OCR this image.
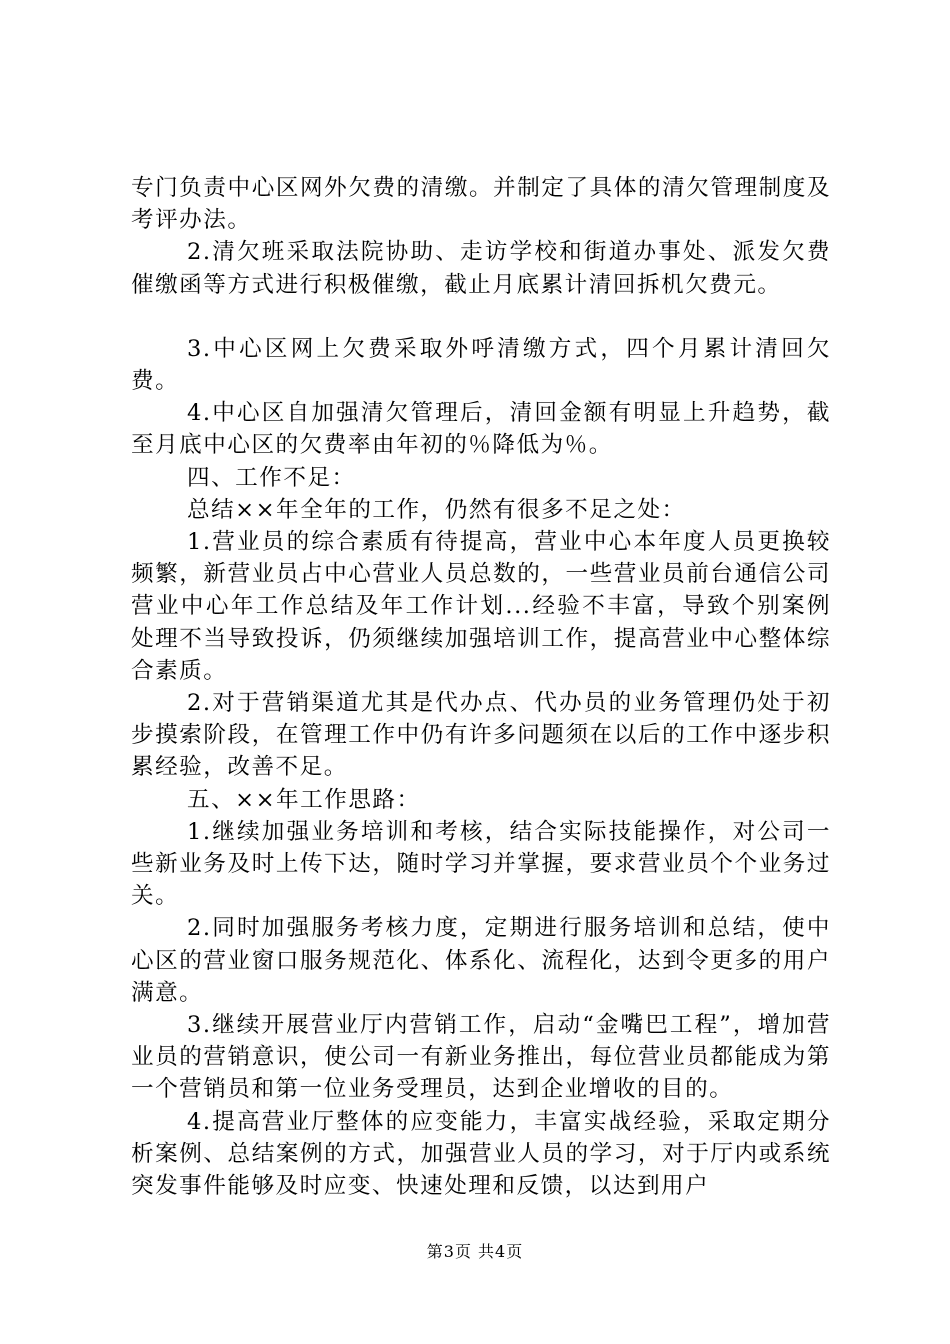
专门负责中心区网外欠费的清缴。并制定了具体的清欠管理制度及考评办法。

2.清欠班采取法院协助、走访学校和街道办事处、派发欠费催缴函等方式进行积极催缴，截止月底累计清回拆机欠费元。

3.中心区网上欠费采取外呼清缴方式，四个月累计清回欠费。

4.中心区自加强清欠管理后，清回金额有明显上升趋势，截至月底中心区的欠费率由年初的％降低为％。

四、工作不足：

总结××年全年的工作，仍然有很多不足之处：

1.营业员的综合素质有待提高，营业中心本年度人员更换较频繁，新营业员占中心营业人员总数的，一些营业员前台通信公司营业中心年工作总结及年工作计划...经验不丰富，导致个别案例处理不当导致投诉，仍须继续加强培训工作，提高营业中心整体综合素质。

2.对于营销渠道尤其是代办点、代办员的业务管理仍处于初步摸索阶段，在管理工作中仍有许多问题须在以后的工作中逐步积累经验，改善不足。

五、××年工作思路：

1.继续加强业务培训和考核，结合实际技能操作，对公司一些新业务及时上传下达，随时学习并掌握，要求营业员个个业务过关。

2.同时加强服务考核力度，定期进行服务培训和总结，使中心区的营业窗口服务规范化、体系化、流程化，达到令更多的用户满意。

3.继续开展营业厅内营销工作，启动“金嘴巴工程”，增加营业员的营销意识，使公司一有新业务推出，每位营业员都能成为第一个营销员和第一位业务受理员，达到企业增收的目的。

4.提高营业厅整体的应变能力，丰富实战经验，采取定期分析案例、总结案例的方式，加强营业人员的学习，对于厅内或系统突发事件能够及时应变、快速处理和反馈，以达到用户

第3页 共4页
